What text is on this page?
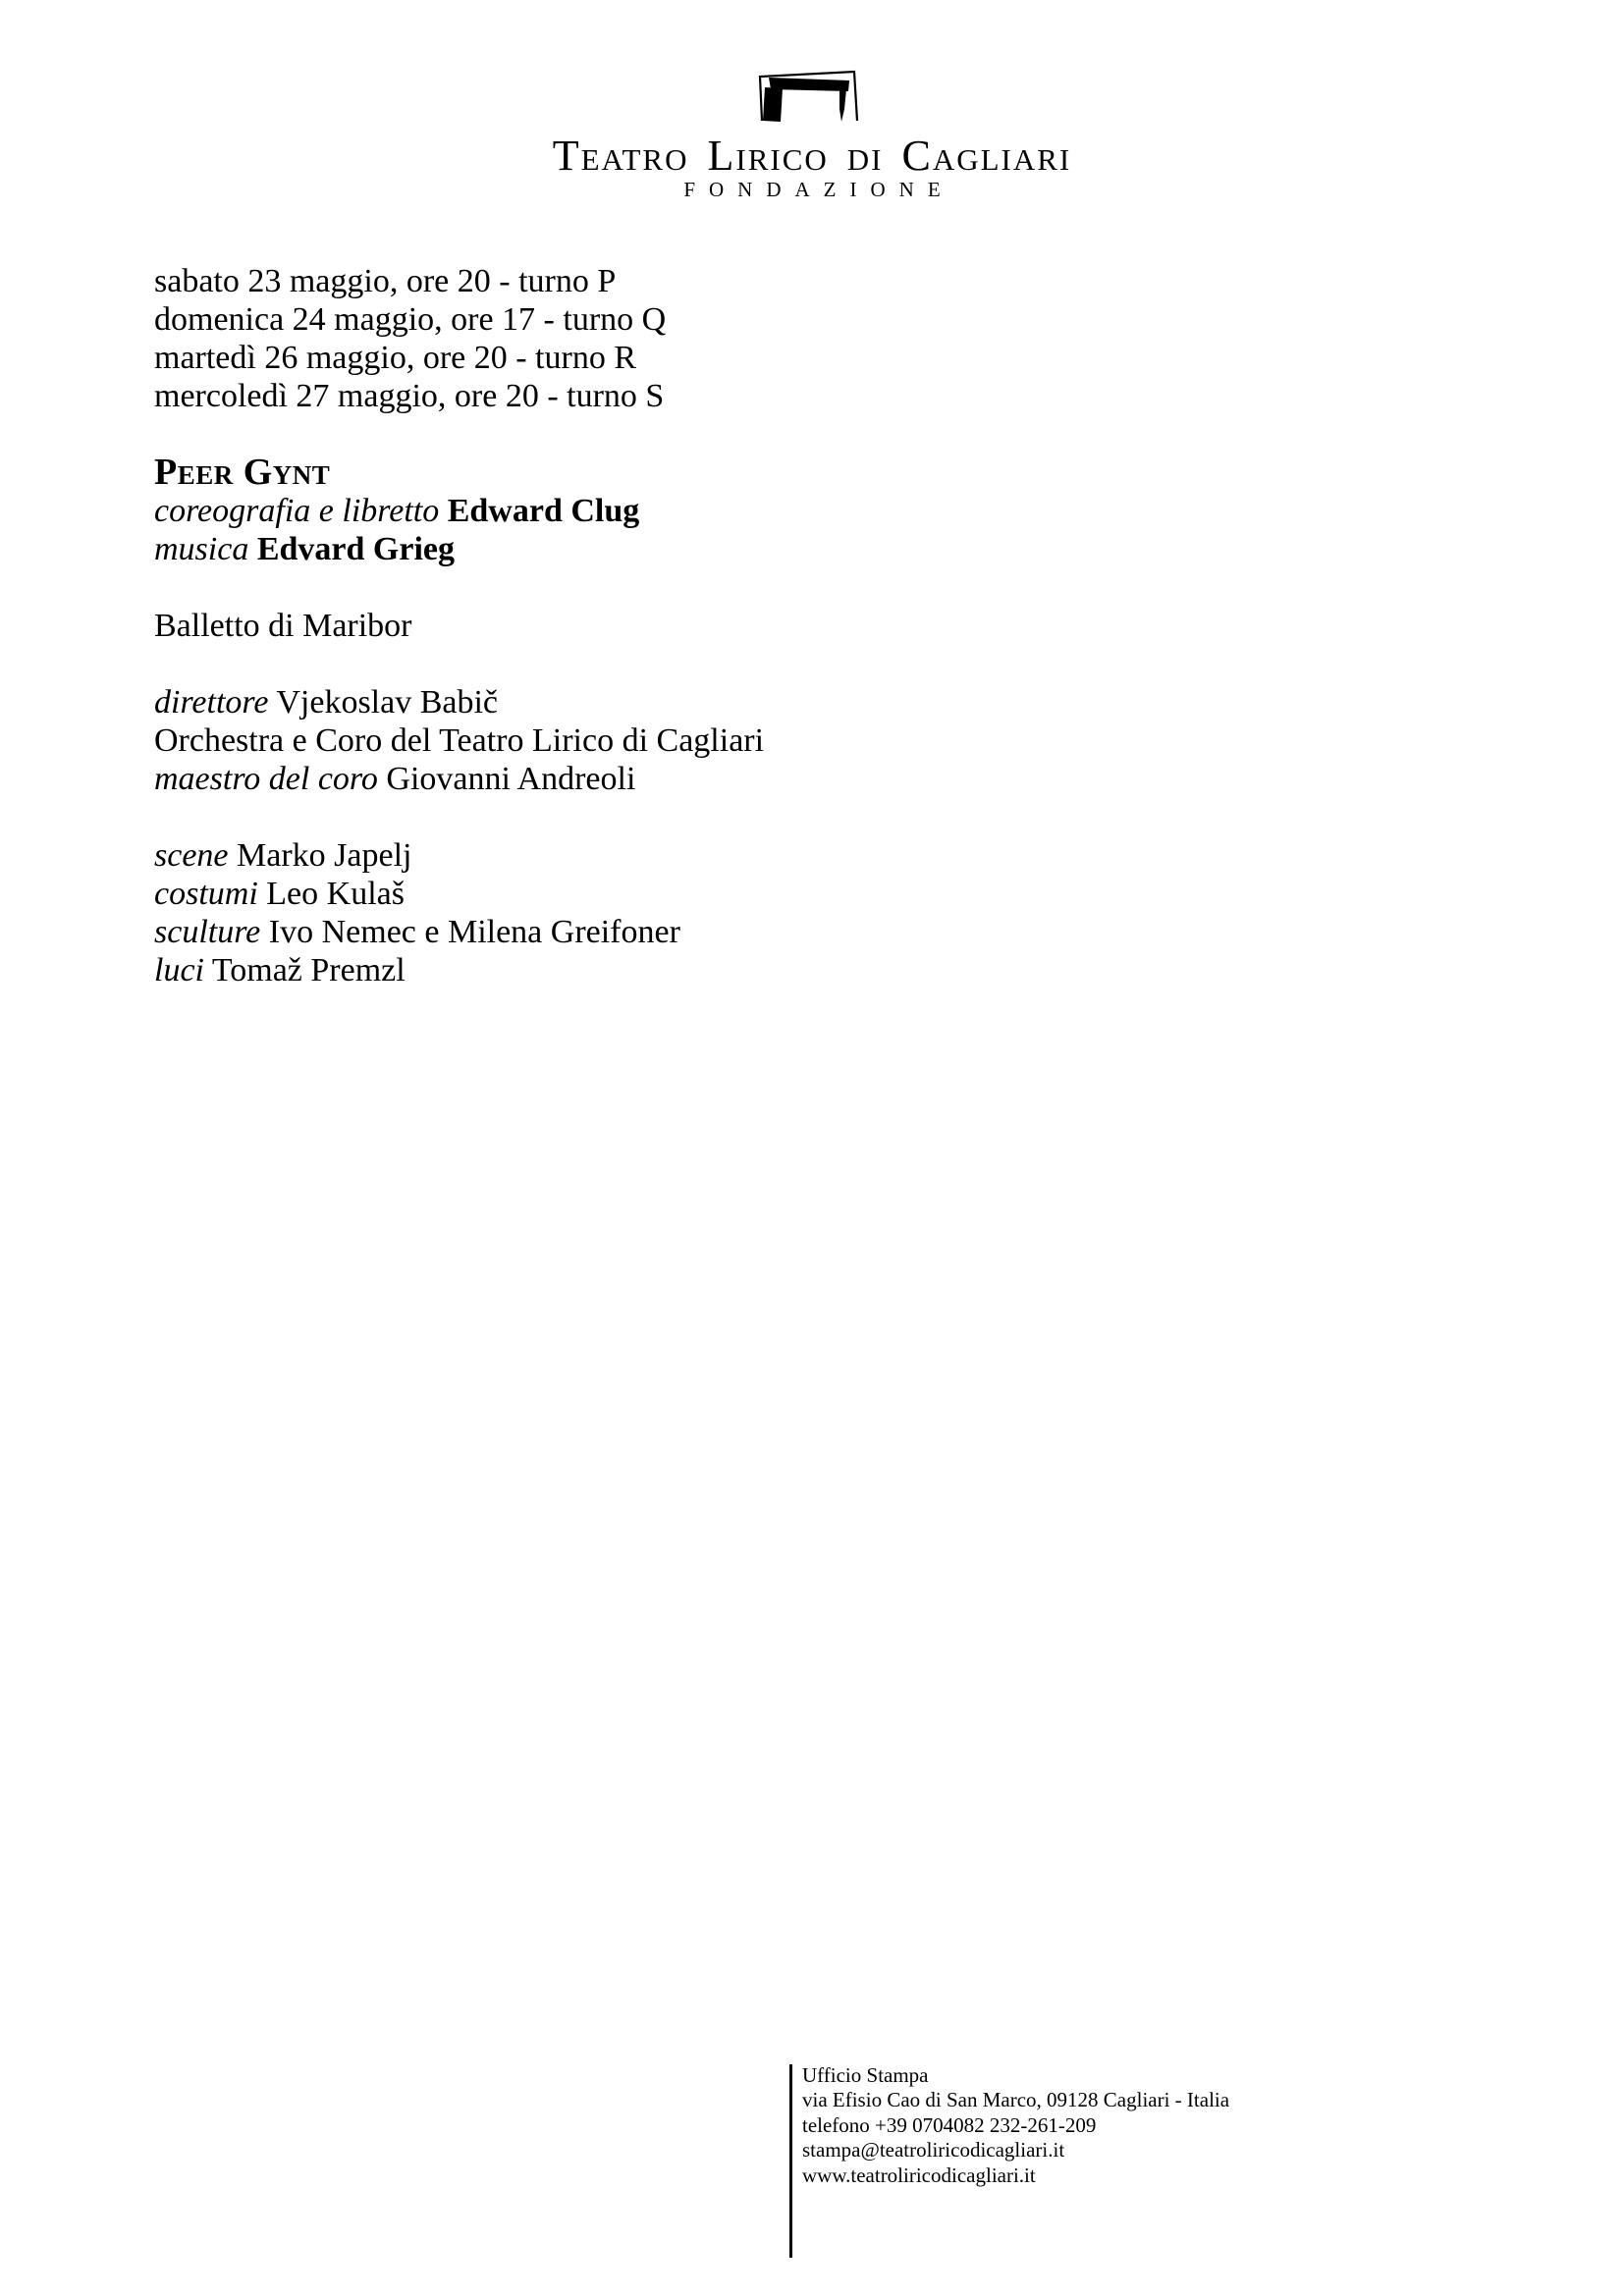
Teatro Lirico di Cagliari
FONDAZIONE
sabato 23 maggio, ore 20 - turno P
domenica 24 maggio, ore 17 - turno Q
martedì 26 maggio, ore 20 - turno R
mercoledì 27 maggio, ore 20 - turno S
Peer Gynt
coreografia e libretto Edward Clug
musica Edvard Grieg
Balletto di Maribor
direttore Vjekoslav Babič
Orchestra e Coro del Teatro Lirico di Cagliari
maestro del coro Giovanni Andreoli
scene Marko Japelj
costumi Leo Kulaš
sculture Ivo Nemec e Milena Greifoner
luci Tomaž Premzl
Ufficio Stampa
via Efisio Cao di San Marco, 09128 Cagliari - Italia
telefono +39 0704082 232-261-209
stampa@teatroliricodicagliari.it
www.teatroliricodicagliari.it
